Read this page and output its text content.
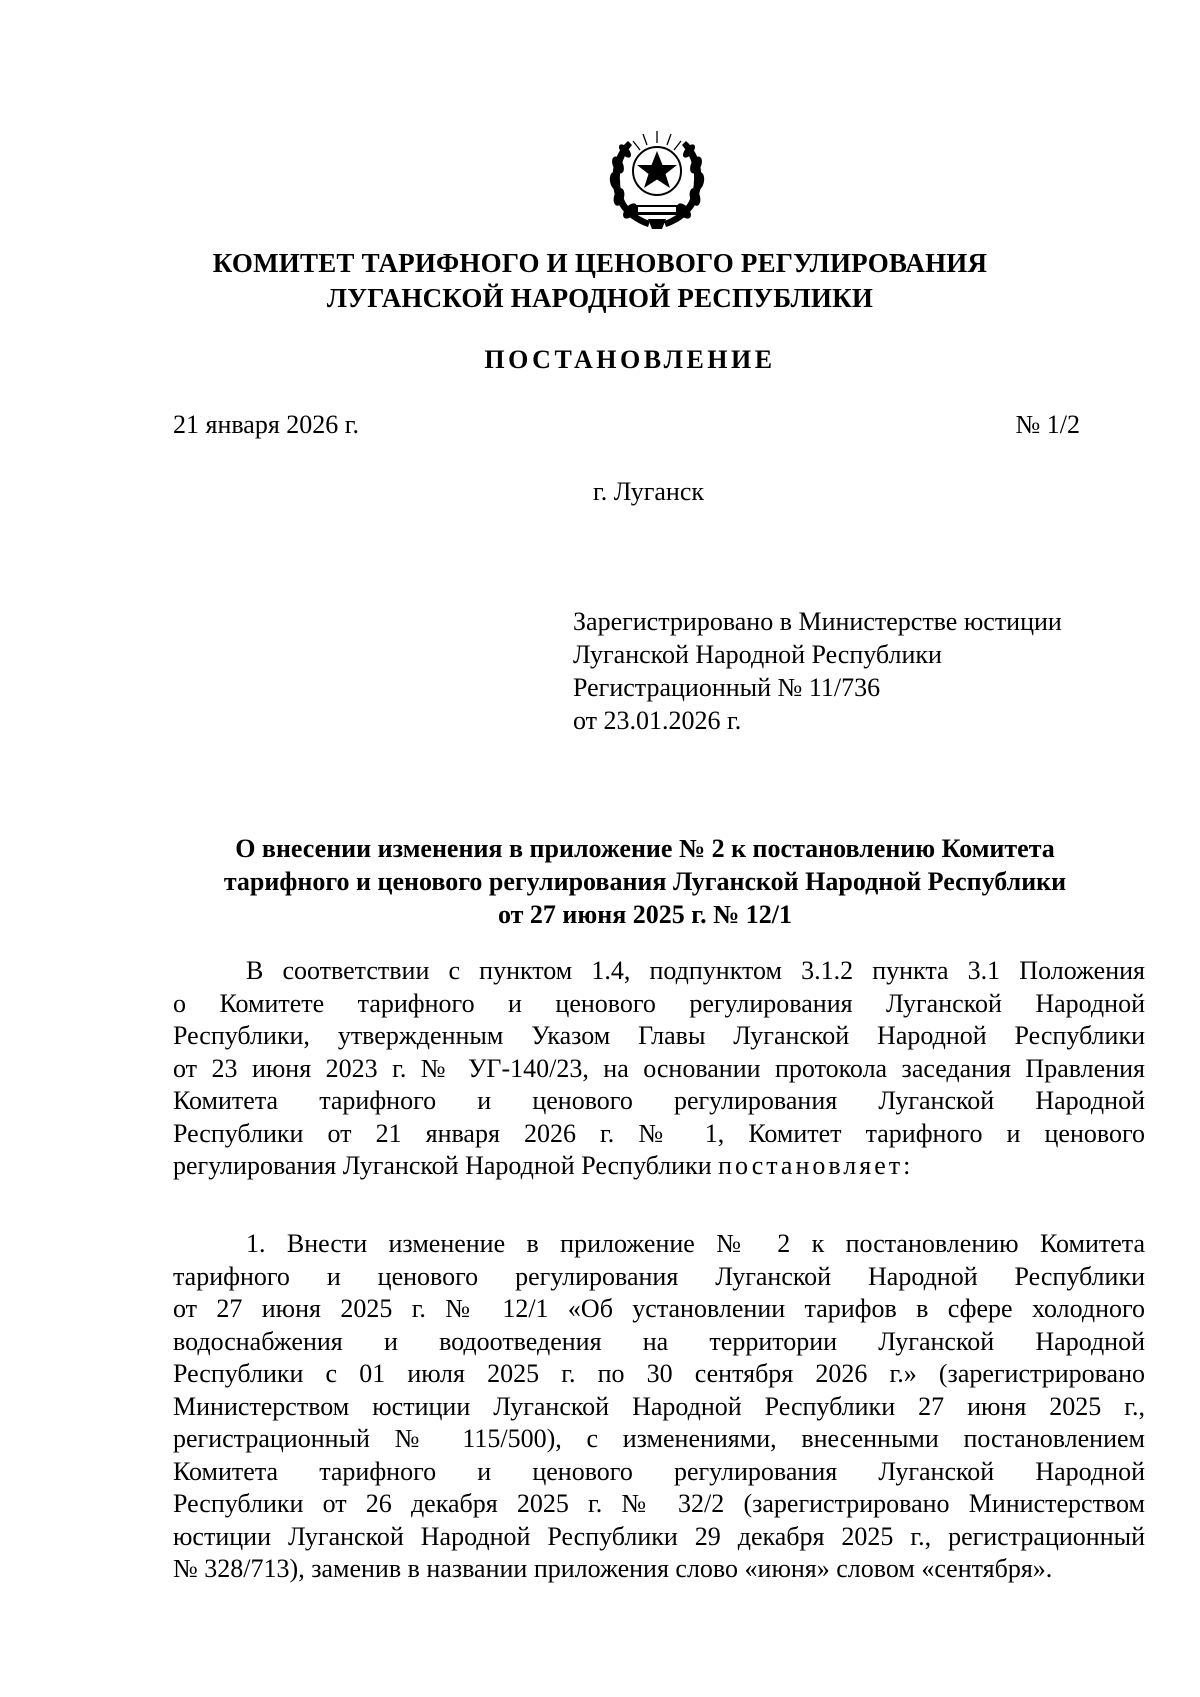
КОМИТЕТ ТАРИФНОГО И ЦЕНОВОГО РЕГУЛИРОВАНИЯ
ЛУГАНСКОЙ НАРОДНОЙ РЕСПУБЛИКИ
ПОСТАНОВЛЕНИЕ
21 января 2026 г.	№ 1/2
г. Луганск
Зарегистрировано в Министерстве юстиции
Луганской Народной Республики
Регистрационный № 11/736
от 23.01.2026 г.
О внесении изменения в приложение № 2 к постановлению Комитета
тарифного и ценового регулирования Луганской Народной Республики
от 27 июня 2025 г. № 12/1
В соответствии с пунктом 1.4, подпунктом 3.1.2 пункта 3.1 Положения
о Комитете тарифного и ценового регулирования Луганской Народной
Республики, утвержденным Указом Главы Луганской Народной Республики
от 23 июня 2023 г. № УГ-140/23, на основании протокола заседания Правления
Комитета тарифного и ценового регулирования Луганской Народной
Республики от 21 января 2026 г. № 1, Комитет тарифного и ценового
регулирования Луганской Народной Республики постановляет:
1. Внести изменение в приложение № 2 к постановлению Комитета
тарифного и ценового регулирования Луганской Народной Республики
от 27 июня 2025 г. № 12/1 «Об установлении тарифов в сфере холодного
водоснабжения и водоотведения на территории Луганской Народной
Республики с 01 июля 2025 г. по 30 сентября 2026 г.» (зарегистрировано
Министерством юстиции Луганской Народной Республики 27 июня 2025 г.,
регистрационный № 115/500), с изменениями, внесенными постановлением
Комитета тарифного и ценового регулирования Луганской Народной
Республики от 26 декабря 2025 г. № 32/2 (зарегистрировано Министерством
юстиции Луганской Народной Республики 29 декабря 2025 г., регистрационный
№ 328/713), заменив в названии приложения слово «июня» словом «сентября».
